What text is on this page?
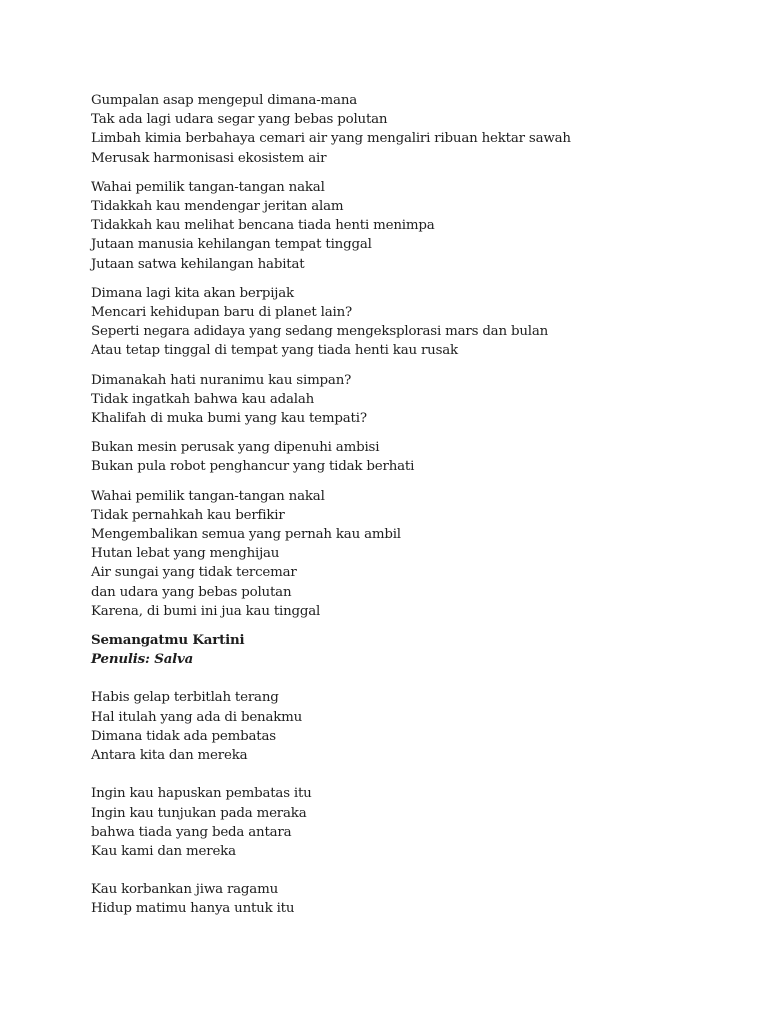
Gumpalan asap mengepul dimana-mana
Tak ada lagi udara segar yang bebas polutan
Limbah kimia berbahaya cemari air yang mengaliri ribuan hektar sawah
Merusak harmonisasi ekosistem air
Wahai pemilik tangan-tangan nakal
Tidakkah kau mendengar jeritan alam
Tidakkah kau melihat bencana tiada henti menimpa
Jutaan manusia kehilangan tempat tinggal
Jutaan satwa kehilangan habitat
Dimana lagi kita akan berpijak
Mencari kehidupan baru di planet lain?
Seperti negara adidaya yang sedang mengeksplorasi mars dan bulan
Atau tetap tinggal di tempat yang tiada henti kau rusak
Dimanakah hati nuranimu kau simpan?
Tidak ingatkah bahwa kau adalah
Khalifah di muka bumi yang kau tempati?
Bukan mesin perusak yang dipenuhi ambisi
Bukan pula robot penghancur yang tidak berhati
Wahai pemilik tangan-tangan nakal
Tidak pernahkah kau berfikir
Mengembalikan semua yang pernah kau ambil
Hutan lebat yang menghijau
Air sungai yang tidak tercemar
dan udara yang bebas polutan
Karena, di bumi ini jua kau tinggal
Semangatmu Kartini
Penulis: Salva
Habis gelap terbitlah terang
Hal itulah yang ada di benakmu
Dimana tidak ada pembatas
Antara kita dan mereka
Ingin kau hapuskan pembatas itu
Ingin kau tunjukan pada meraka
bahwa tiada yang beda antara
Kau kami dan mereka
Kau korbankan jiwa ragamu
Hidup matimu hanya untuk itu
